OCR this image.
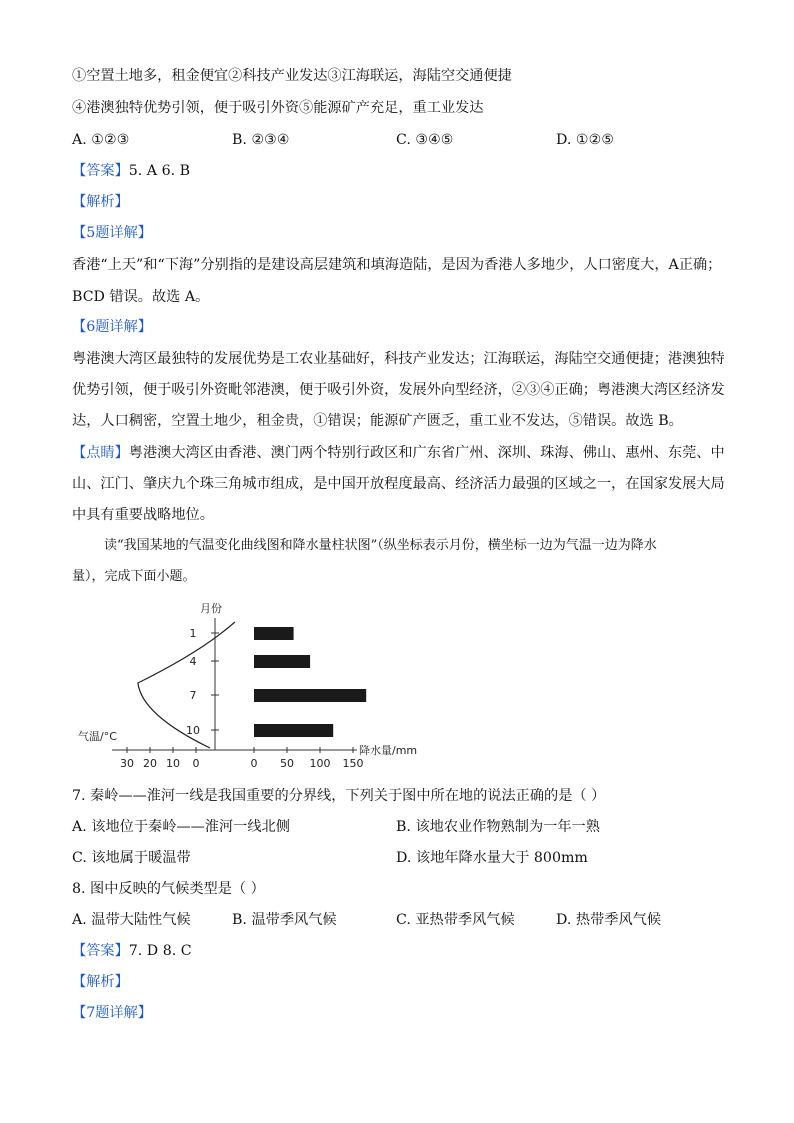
①空置土地多，租金便宜②科技产业发达③江海联运，海陆空交通便捷
④港澳独特优势引领，便于吸引外资⑤能源矿产充足，重工业发达
A. ①②③	B. ②③④	C. ③④⑤	D. ①②⑤
【答案】5. A 6. B
【解析】
【5题详解】
香港“上天”和“下海”分别指的是建设高层建筑和填海造陆，是因为香港人多地少，人口密度大，A正确；
BCD 错误。故选 A。
【6题详解】
粤港澳大湾区最独特的发展优势是工农业基础好，科技产业发达；江海联运，海陆空交通便捷；港澳独特
优势引领，便于吸引外资毗邻港澳，便于吸引外资，发展外向型经济，②③④正确；粤港澳大湾区经济发
达，人口稠密，空置土地少，租金贵，①错误；能源矿产匮乏，重工业不发达，⑤错误。故选 B。
【点睛】粤港澳大湾区由香港、澳门两个特别行政区和广东省广州、深圳、珠海、佛山、惠州、东莞、中
山、江门、肇庆九个珠三角城市组成，是中国开放程度最高、经济活力最强的区域之一，在国家发展大局
中具有重要战略地位。
读“我国某地的气温变化曲线图和降水量柱状图”（纵坐标表示月份，横坐标一边为气温一边为降水
量），完成下面小题。
月份
1
4
7
10
0 50 100 150
降水量/mm
30 20 10 0
气温/°C
7. 秦岭——淮河一线是我国重要的分界线，下列关于图中所在地的说法正确的是（ ）
A. 该地位于秦岭——淮河一线北侧	B. 该地农业作物熟制为一年一熟
C. 该地属于暖温带	D. 该地年降水量大于 800mm
8. 图中反映的气候类型是（ ）
A. 温带大陆性气候	B. 温带季风气候	C. 亚热带季风气候	D. 热带季风气候
【答案】7. D 8. C
【解析】
【7题详解】
